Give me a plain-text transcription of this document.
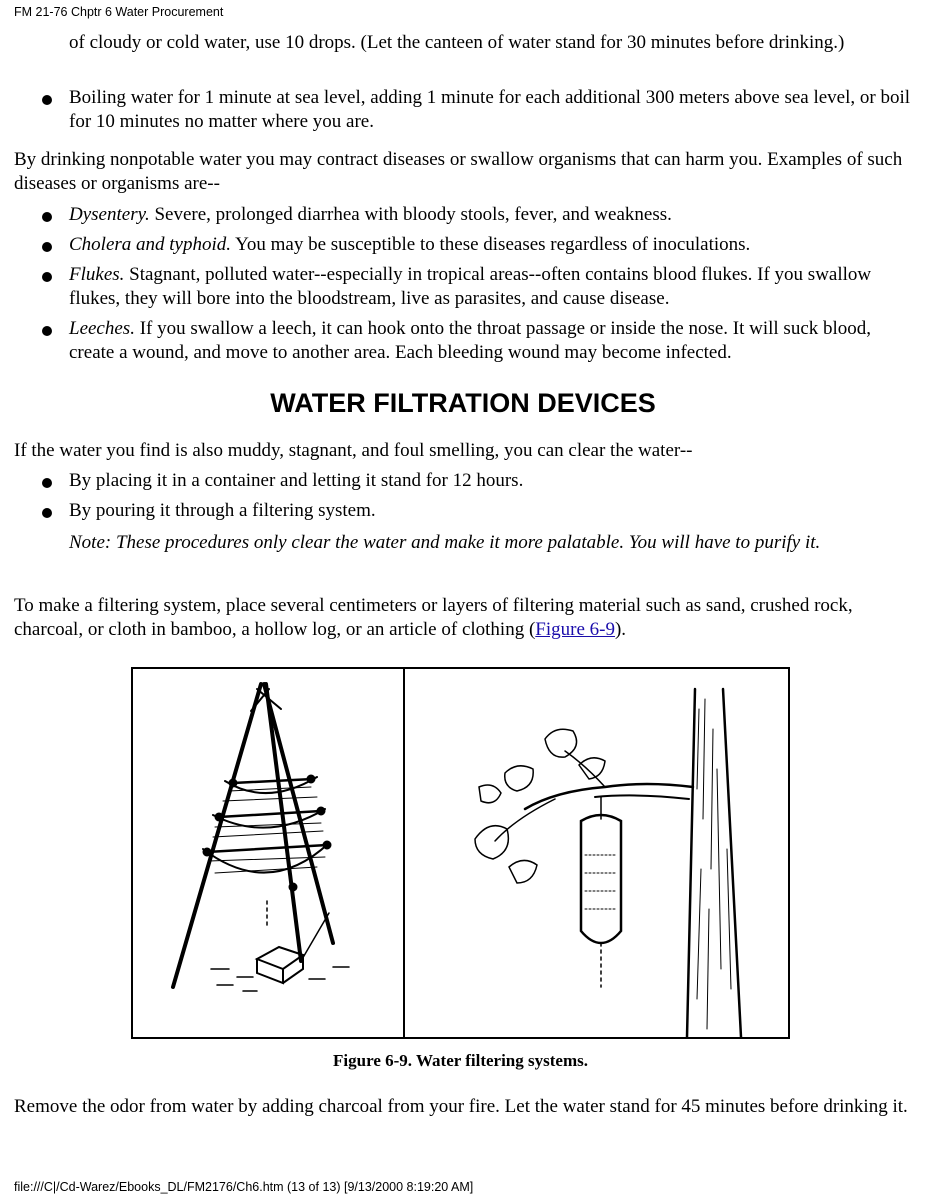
FM 21-76 Chptr 6 Water Procurement
of cloudy or cold water, use 10 drops. (Let the canteen of water stand for 30 minutes before drinking.)
Boiling water for 1 minute at sea level, adding 1 minute for each additional 300 meters above sea level, or boil for 10 minutes no matter where you are.
By drinking nonpotable water you may contract diseases or swallow organisms that can harm you. Examples of such diseases or organisms are--
Dysentery. Severe, prolonged diarrhea with bloody stools, fever, and weakness.
Cholera and typhoid. You may be susceptible to these diseases regardless of inoculations.
Flukes. Stagnant, polluted water--especially in tropical areas--often contains blood flukes. If you swallow flukes, they will bore into the bloodstream, live as parasites, and cause disease.
Leeches. If you swallow a leech, it can hook onto the throat passage or inside the nose. It will suck blood, create a wound, and move to another area. Each bleeding wound may become infected.
WATER FILTRATION DEVICES
If the water you find is also muddy, stagnant, and foul smelling, you can clear the water--
By placing it in a container and letting it stand for 12 hours.
By pouring it through a filtering system.
Note: These procedures only clear the water and make it more palatable. You will have to purify it.
To make a filtering system, place several centimeters or layers of filtering material such as sand, crushed rock, charcoal, or cloth in bamboo, a hollow log, or an article of clothing (Figure 6-9).
Figure 6-9. Water filtering systems.
Remove the odor from water by adding charcoal from your fire. Let the water stand for 45 minutes before drinking it.
file:///C|/Cd-Warez/Ebooks_DL/FM2176/Ch6.htm (13 of 13) [9/13/2000 8:19:20 AM]
